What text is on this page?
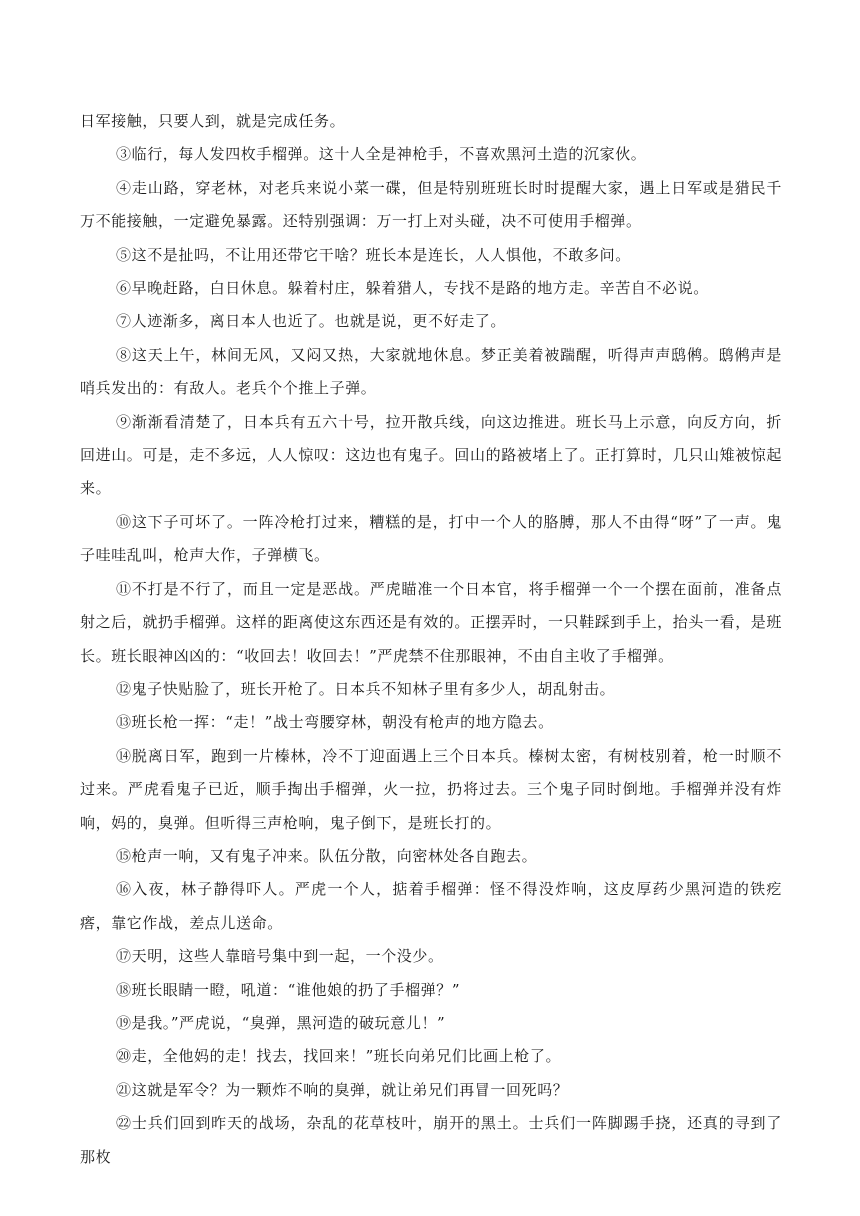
日军接触，只要人到，就是完成任务。

③临行，每人发四枚手榴弹。这十人全是神枪手，不喜欢黑河土造的沉家伙。

④走山路，穿老林，对老兵来说小菜一碟，但是特别班班长时时提醒大家，遇上日军或是猎民千万不能接触，一定避免暴露。还特别强调：万一打上对头碰，决不可使用手榴弹。

⑤这不是扯吗，不让用还带它干啥？班长本是连长，人人惧他，不敢多问。

⑥早晚赶路，白日休息。躲着村庄，躲着猎人，专找不是路的地方走。辛苦自不必说。

⑦人迹渐多，离日本人也近了。也就是说，更不好走了。

⑧这天上午，林间无风，又闷又热，大家就地休息。梦正美着被踹醒，听得声声鸱鸺。鸱鸺声是哨兵发出的：有敌人。老兵个个推上子弹。

⑨渐渐看清楚了，日本兵有五六十号，拉开散兵线，向这边推进。班长马上示意，向反方向，折回进山。可是，走不多远，人人惊叹：这边也有鬼子。回山的路被堵上了。正打算时，几只山雉被惊起来。

⑩这下子可坏了。一阵冷枪打过来，糟糕的是，打中一个人的胳膊，那人不由得“呀”了一声。鬼子哇哇乱叫，枪声大作，子弹横飞。

⑪不打是不行了，而且一定是恶战。严虎瞄准一个日本官，将手榴弹一个一个摆在面前，准备点射之后，就扔手榴弹。这样的距离使这东西还是有效的。正摆弄时，一只鞋踩到手上，抬头一看，是班长。班长眼神凶凶的：“收回去！收回去！”严虎禁不住那眼神，不由自主收了手榴弹。

⑫鬼子快贴脸了，班长开枪了。日本兵不知林子里有多少人，胡乱射击。

⑬班长枪一挥：“走！”战士弯腰穿林，朝没有枪声的地方隐去。

⑭脱离日军，跑到一片榛林，冷不丁迎面遇上三个日本兵。榛树太密，有树枝别着，枪一时顺不过来。严虎看鬼子已近，顺手掏出手榴弹，火一拉，扔将过去。三个鬼子同时倒地。手榴弹并没有炸响，妈的，臭弹。但听得三声枪响，鬼子倒下，是班长打的。

⑮枪声一响，又有鬼子冲来。队伍分散，向密林处各自跑去。

⑯入夜，林子静得吓人。严虎一个人，掂着手榴弹：怪不得没炸响，这皮厚药少黑河造的铁疙瘩，靠它作战，差点儿送命。

⑰天明，这些人靠暗号集中到一起，一个没少。

⑱班长眼睛一瞪，吼道：“谁他娘的扔了手榴弹？”

⑲是我。”严虎说，“臭弹，黑河造的破玩意儿！”

⑳走，全他妈的走！找去，找回来！”班长向弟兄们比画上枪了。

㉑这就是军令？为一颗炸不响的臭弹，就让弟兄们再冒一回死吗？

㉒士兵们回到昨天的战场，杂乱的花草枝叶，崩开的黑土。士兵们一阵脚踢手挠，还真的寻到了那枚
